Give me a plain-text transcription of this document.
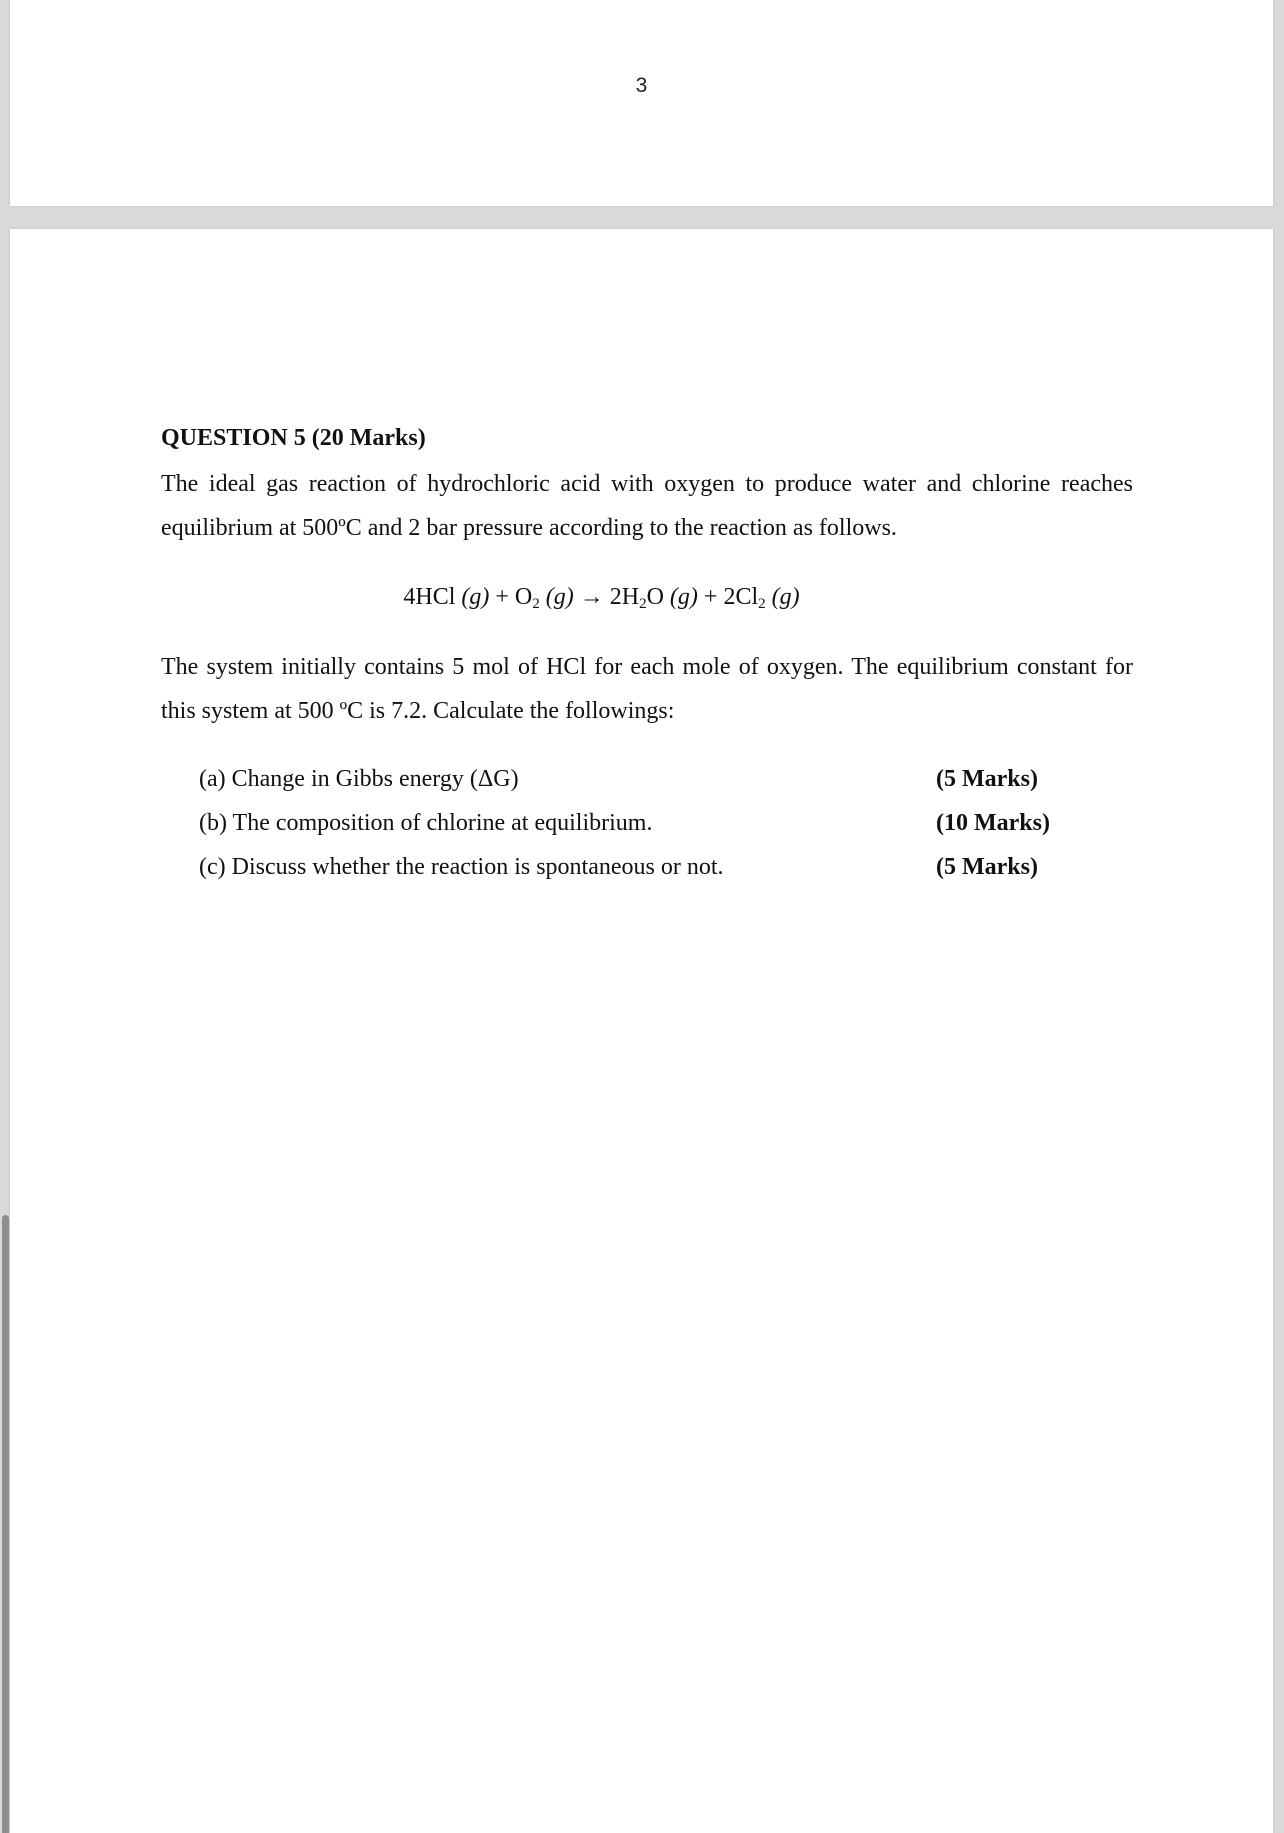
3
QUESTION 5 (20 Marks)
The ideal gas reaction of hydrochloric acid with oxygen to produce water and chlorine reaches equilibrium at 500ºC and 2 bar pressure according to the reaction as follows.
4HCl $(g) + O_2$ $(g) \to 2H_2O$ $(g) + 2Cl_2$ (g)
The system initially contains 5 mol of HCl for each mole of oxygen. The equilibrium constant for this system at 500 ºC is 7.2. Calculate the followings:
(a) Change in Gibbs energy (ΔG)	(5 Marks)
(b) The composition of chlorine at equilibrium.	(10 Marks)
(c) Discuss whether the reaction is spontaneous or not.	(5 Marks)
